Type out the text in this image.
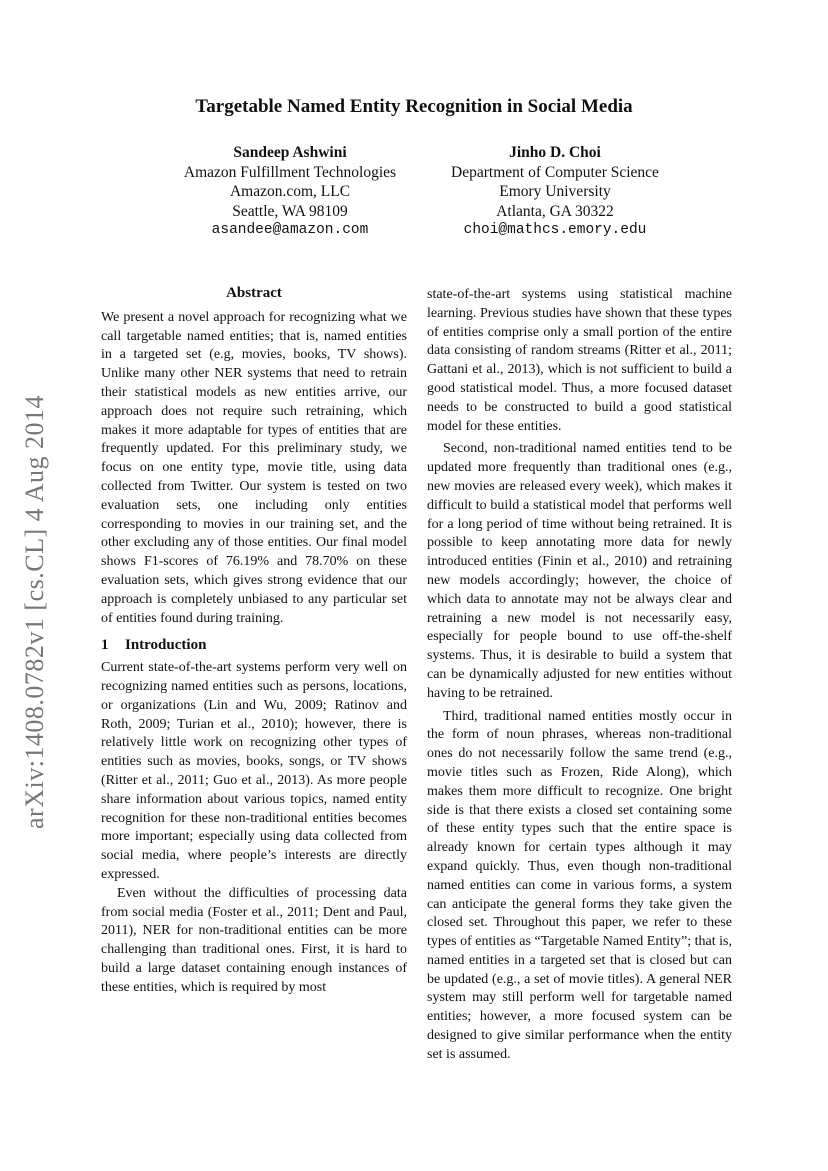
arXiv:1408.0782v1 [cs.CL] 4 Aug 2014
Targetable Named Entity Recognition in Social Media
Sandeep Ashwini
Amazon Fulfillment Technologies
Amazon.com, LLC
Seattle, WA 98109
asandee@amazon.com
Jinho D. Choi
Department of Computer Science
Emory University
Atlanta, GA 30322
choi@mathcs.emory.edu
Abstract

We present a novel approach for recognizing what we call targetable named entities; that is, named entities in a targeted set (e.g, movies, books, TV shows). Unlike many other NER systems that need to retrain their statistical models as new entities arrive, our approach does not require such retraining, which makes it more adaptable for types of entities that are frequently updated. For this preliminary study, we focus on one entity type, movie title, using data collected from Twitter. Our system is tested on two evaluation sets, one including only entities corresponding to movies in our training set, and the other excluding any of those entities. Our final model shows F1-scores of 76.19% and 78.70% on these evaluation sets, which gives strong evidence that our approach is completely unbiased to any particular set of entities found during training.

1 Introduction

Current state-of-the-art systems perform very well on recognizing named entities such as persons, locations, or organizations (Lin and Wu, 2009; Ratinov and Roth, 2009; Turian et al., 2010); however, there is relatively little work on recognizing other types of entities such as movies, books, songs, or TV shows (Ritter et al., 2011; Guo et al., 2013). As more people share information about various topics, named entity recognition for these non-traditional entities becomes more important; especially using data collected from social media, where people’s interests are directly expressed.

Even without the difficulties of processing data from social media (Foster et al., 2011; Dent and Paul, 2011), NER for non-traditional entities can be more challenging than traditional ones. First, it is hard to build a large dataset containing enough instances of these entities, which is required by most

state-of-the-art systems using statistical machine learning. Previous studies have shown that these types of entities comprise only a small portion of the entire data consisting of random streams (Ritter et al., 2011; Gattani et al., 2013), which is not sufficient to build a good statistical model. Thus, a more focused dataset needs to be constructed to build a good statistical model for these entities.

Second, non-traditional named entities tend to be updated more frequently than traditional ones (e.g., new movies are released every week), which makes it difficult to build a statistical model that performs well for a long period of time without being retrained. It is possible to keep annotating more data for newly introduced entities (Finin et al., 2010) and retraining new models accordingly; however, the choice of which data to annotate may not be always clear and retraining a new model is not necessarily easy, especially for people bound to use off-the-shelf systems. Thus, it is desirable to build a system that can be dynamically adjusted for new entities without having to be retrained.

Third, traditional named entities mostly occur in the form of noun phrases, whereas non-traditional ones do not necessarily follow the same trend (e.g., movie titles such as Frozen, Ride Along), which makes them more difficult to recognize. One bright side is that there exists a closed set containing some of these entity types such that the entire space is already known for certain types although it may expand quickly. Thus, even though non-traditional named entities can come in various forms, a system can anticipate the general forms they take given the closed set. Throughout this paper, we refer to these types of entities as “Targetable Named Entity”; that is, named entities in a targeted set that is closed but can be updated (e.g., a set of movie titles). A general NER system may still perform well for targetable named entities; however, a more focused system can be designed to give similar performance when the entity set is assumed.
